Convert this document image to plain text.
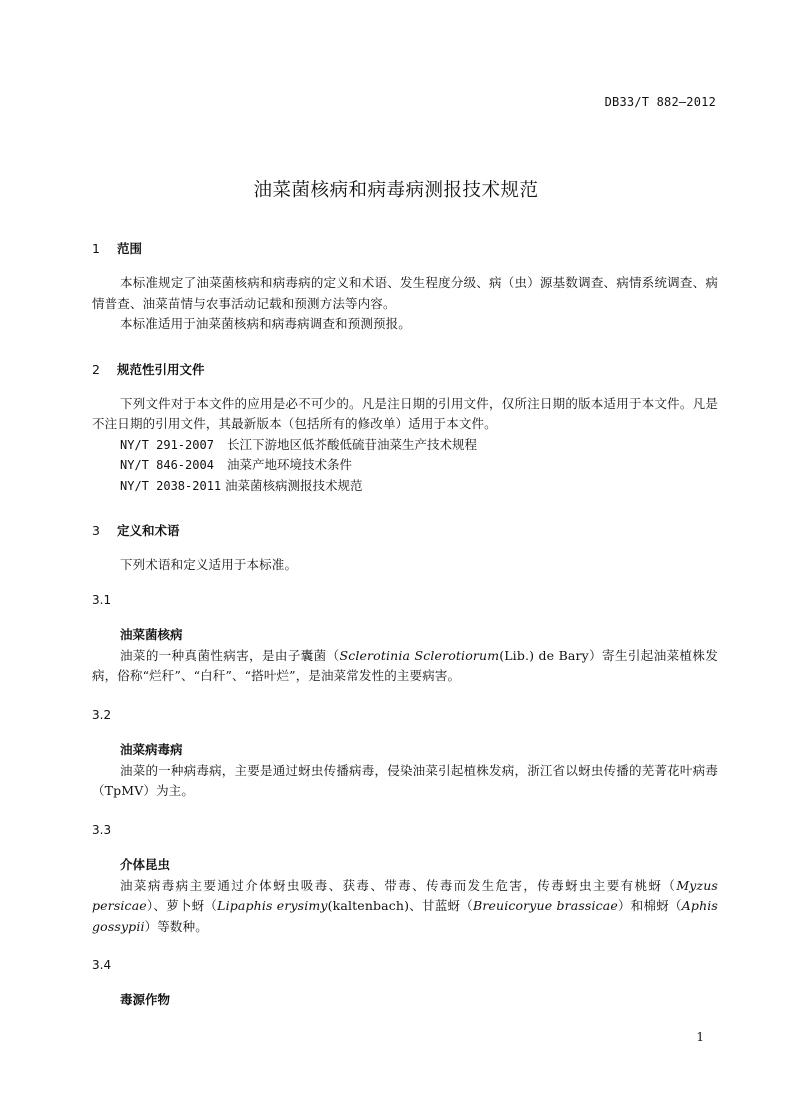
DB33/T 882—2012
油菜菌核病和病毒病测报技术规范
1 范围
本标准规定了油菜菌核病和病毒病的定义和术语、发生程度分级、病（虫）源基数调查、病情系统调查、病情普查、油菜苗情与农事活动记载和预测方法等内容。
本标准适用于油菜菌核病和病毒病调查和预测预报。
2 规范性引用文件
下列文件对于本文件的应用是必不可少的。凡是注日期的引用文件，仅所注日期的版本适用于本文件。凡是不注日期的引用文件，其最新版本（包括所有的修改单）适用于本文件。
NY/T 291-2007 长江下游地区低芥酸低硫苷油菜生产技术规程
NY/T 846-2004 油菜产地环境技术条件
NY/T 2038-2011 油菜菌核病测报技术规范
3 定义和术语
下列术语和定义适用于本标准。
3.1
油菜菌核病
油菜的一种真菌性病害，是由子囊菌（Sclerotinia Sclerotiorum(Lib.) de Bary）寄生引起油菜植株发病，俗称“烂秆”、“白秆”、“搭叶烂”，是油菜常发性的主要病害。
3.2
油菜病毒病
油菜的一种病毒病，主要是通过蚜虫传播病毒，侵染油菜引起植株发病，浙江省以蚜虫传播的芜菁花叶病毒（TpMV）为主。
3.3
介体昆虫
油菜病毒病主要通过介体蚜虫吸毒、获毒、带毒、传毒而发生危害，传毒蚜虫主要有桃蚜（Myzus persicae）、萝卜蚜（Lipaphis erysimy(kaltenbach)、甘蓝蚜（Breuicoryue brassicae）和棉蚜（Aphis gossypii）等数种。
3.4
毒源作物
1
